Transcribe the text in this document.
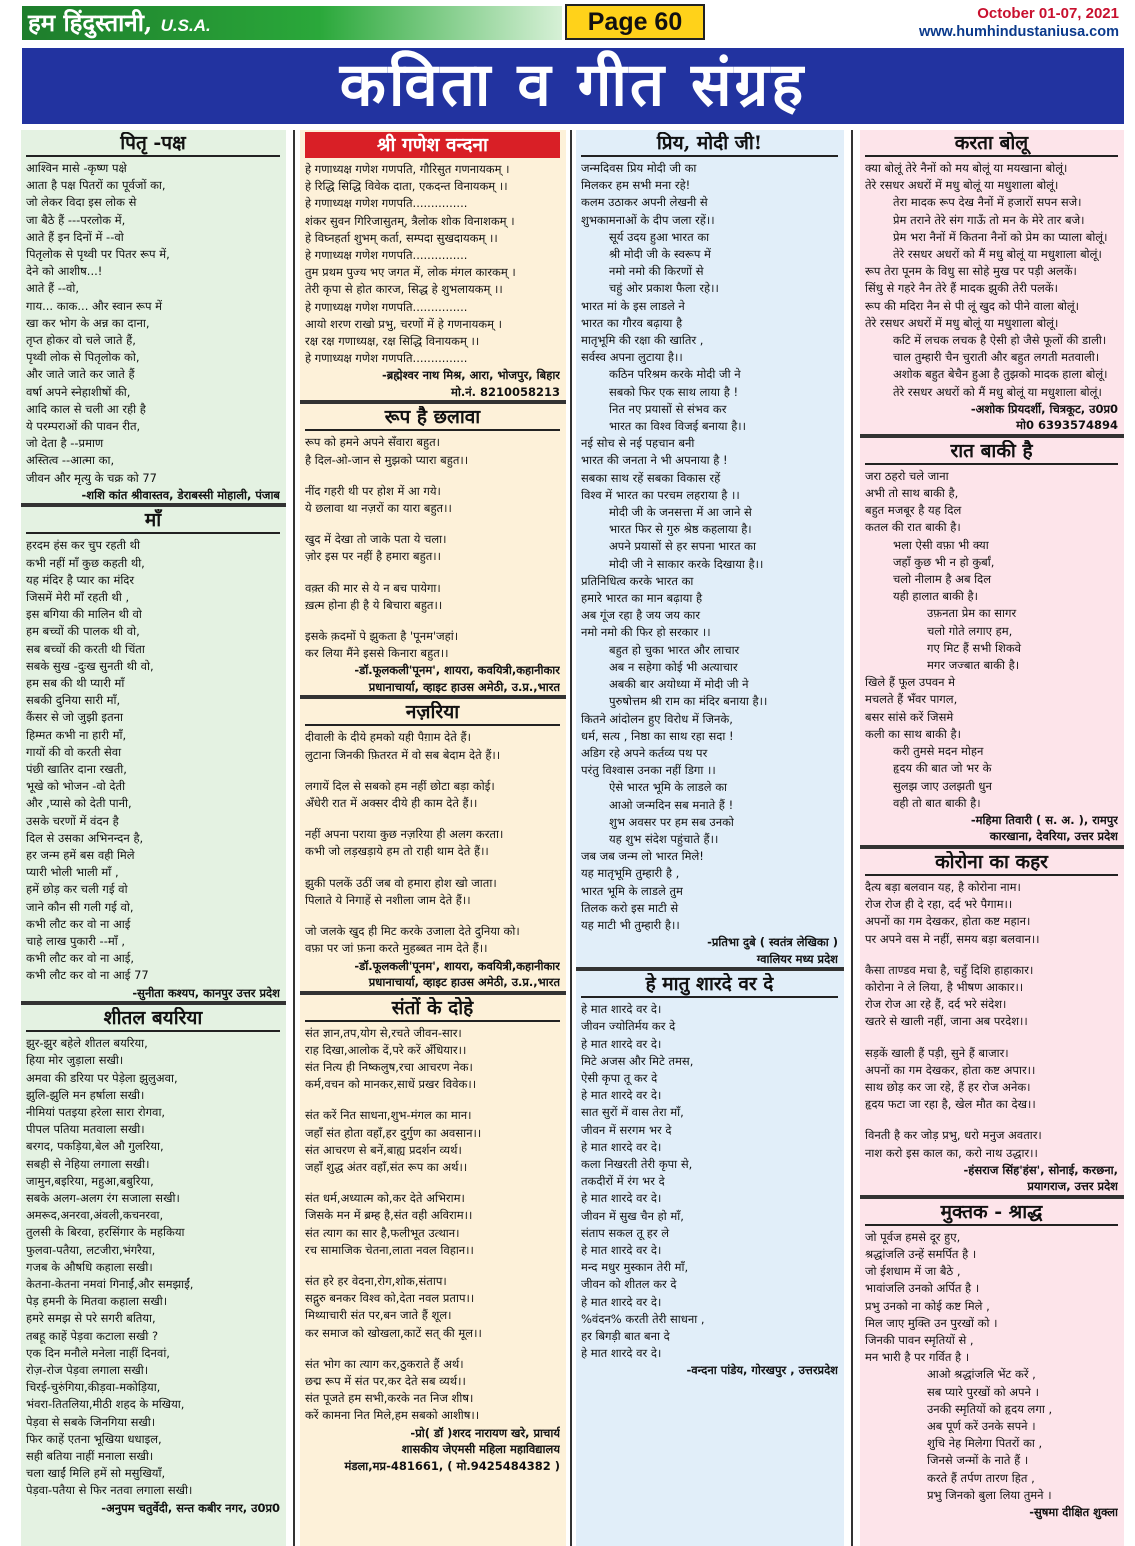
हम हिंदुस्तानी, U.S.A.	Page 60	October 01-07, 2021
www.humhindustaniusa.com
कविता व गीत संग्रह
पितृ -पक्ष
आश्विन मासे -कृष्ण पक्षे
आता है पक्ष पितरों का पूर्वजों का,
जो लेकर विदा इस लोक से
जा बैठे हैं ---परलोक में,
आते हैं इन दिनों में --वो
पितृलोक से पृथ्वी पर पितर रूप में,
देने को आशीष...!
आते हैं --वो,
गाय... काक... और स्वान रूप में
खा कर भोग के अन्न का दाना,
तृप्त होकर वो चले जाते हैं,
पृथ्वी लोक से पितृलोक को,
और जाते जाते कर जाते हैं
वर्षा अपने स्नेहाशीषों की,
आदि काल से चली आ रही है
ये परम्पराओं की पावन रीत,
जो देता है --प्रमाण
अस्तित्व --आत्मा का,
जीवन और मृत्यु के चक्र को 77
-शशि कांत श्रीवास्तव, डेराबस्सी मोहाली, पंजाब
माँ
हरदम हंस कर चुप रहती थी
कभी नहीं माँ कुछ कहती थी,
यह मंदिर है प्यार का मंदिर
जिसमें मेरी माँ रहती थी ,
इस बगिया की मालिन थी वो
हम बच्चों की पालक थी वो,
सब बच्चों की करती थी चिंता
सबके सुख -दुःख सुनती थी वो,
हम सब की थी प्यारी माँ
सबकी दुनिया सारी माँ,
कैंसर से जो जुझी इतना
हिम्मत कभी ना हारी माँ,
गायों की वो करती सेवा
पंछी खातिर दाना रखती,
भूखे को भोजन -वो देती
और ,प्यासे को देती पानी,
उसके चरणों में वंदन है
दिल से उसका अभिनन्दन है,
हर जन्म हमें बस वही मिले
प्यारी भोली भाली माँ ,
हमें छोड़ कर चली गई वो
जाने कौन सी गली गई वो,
कभी लौट कर वो ना आई
चाहे लाख पुकारी --माँ ,
कभी लौट कर वो ना आई,
कभी लौट कर वो ना आई 77
-सुनीता कश्यप, कानपुर उत्तर प्रदेश
शीतल बयरिया
झुर-झुर बहेले शीतल बयरिया,
हिया मोर जुड़ाला सखी।
अमवा की डरिया पर पेड़ेला झुलुअवा,
झुलि-झुलि मन हर्षाला सखी।
नीमियां पतइया हरेला सारा रोगवा,
पीपल पतिया मतवाला सखी।
बरगद, पकड़िया,बेल औ गुलरिया,
सबही से नेहिया लगाला सखी।
जामुन,बइरिया, महुआ,बबुरिया,
सबके अलग-अलग रंग सजाला सखी।
अमरूद,अनरवा,अंवली,कचनरवा,
तुलसी के बिरवा, हरसिंगार के महकिया
फुलवा-पतैया, लटजीरा,भंगरैया,
गजब के औषधि कहाला सखी।
केतना-केतना नमवां गिनाईं,और समझाईं,
पेड़ हमनी के मितवा कहाला सखी।
हमरे समझ से परे सगरी बतिया,
तबहू काहें पेड़वा कटाला सखी ?
एक दिन मनौले मनेला नाहीं दिनवां,
रोज़-रोज पेड़वा लगाला सखी।
चिरई-चुरुंगिया,कीड़वा-मकोड़िया,
भंवरा-तितलिया,मीठी शहद के मखिया,
पेड़वा से सबके जिनगिया सखी।
फिर काहें एतना भूखिया धधाइल,
सही बतिया नाहीं मनाला सखी।
चला खाईं मिलि हमें सो मसुखियाँ,
पेड़वा-पतैया से फिर नतवा लगाला सखी।
-अनुपम चतुर्वेदी, सन्त कबीर नगर, उ0प्र0
श्री गणेश वन्दना
हे गणाध्यक्ष गणेश गणपति, गौरिसुत गणनायकम् ।
हे रिद्धि सिद्धि विवेक दाता, एकदन्त विनायकम् ।।
हे गणाध्यक्ष गणेश गणपति...............
शंकर सुवन गिरिजासुतम्, त्रैलोक शोक विनाशकम् ।
हे विघ्नहर्ता शुभम् कर्ता, सम्पदा सुखदायकम् ।।
हे गणाध्यक्ष गणेश गणपति...............
तुम प्रथम पुज्य भए जगत में, लोक मंगल कारकम् ।
तेरी कृपा से होत कारज, सिद्ध हे शुभलायकम् ।।
हे गणाध्यक्ष गणेश गणपति...............
आयो शरण राखो प्रभु, चरणों में हे गणनायकम् ।
रक्ष रक्ष गणाध्यक्ष, रक्ष सिद्धि विनायकम् ।।
हे गणाध्यक्ष गणेश गणपति...............
-ब्रह्मेश्वर नाथ मिश्र, आरा, भोजपुर, बिहार
मो.नं. 8210058213
रूप है छलावा
रूप को हमने अपने सँवारा बहुत।
है दिल-ओ-जान से मुझको प्यारा बहुत।।
नींद गहरी थी पर होश में आ गये।
ये छलावा था नज़रों का यारा बहुत।।
खुद में देखा तो जाके पता ये चला।
ज़ोर इस पर नहीं है हमारा बहुत।।
वक़्त की मार से ये न बच पायेगा।
ख़त्म होना ही है ये बिचारा बहुत।।
इसके क़दमों पे झुकता है 'पूनम'जहां।
कर लिया मैंने इससे किनारा बहुत।।
-डॉ.फूलकली'पूनम', शायरा, कवयित्री,कहानीकार
प्रधानाचार्या, व्हाइट हाउस अमेठी, उ.प्र.,भारत
नज़रिया
दीवाली के दीये हमको यही पैग़ाम देते हैं।
लुटाना जिनकी फ़ितरत में वो सब बेदाम देते हैं।।
लगायें दिल से सबको हम नहीं छोटा बड़ा कोई।
अँधेरी रात में अक्सर दीये ही काम देते हैं।।
नहीं अपना पराया कुछ नज़रिया ही अलग करता।
कभी जो लड़खड़ाये हम तो राही थाम देते हैं।।
झुकी पलकें उठीं जब वो हमारा होश खो जाता।
पिलाते ये निगाहें से नशीला जाम देते हैं।।
जो जलके खुद ही मिट करके उजाला देते दुनिया को।
वफ़ा पर जां फ़ना करते मुहब्बत नाम देते हैं।।
-डॉ.फूलकली'पूनम', शायरा, कवयित्री,कहानीकार
प्रधानाचार्या, व्हाइट हाउस अमेठी, उ.प्र.,भारत
संतों के दोहे
संत ज्ञान,तप,योग से,रचते जीवन-सार।
राह दिखा,आलोक दें,परे करें अँधियार।।
संत नित्य ही निष्कलुष,रचा आचरण नेक।
कर्म,वचन को मानकर,साधें प्रखर विवेक।।
संत करें नित साधना,शुभ-मंगल का मान।
जहाँ संत होता वहाँ,हर दुर्गुण का अवसान।।
संत आचरण से बनें,बाह्य प्रदर्शन व्यर्थ।
जहाँ शुद्ध अंतर वहाँ,संत रूप का अर्थ।।
संत धर्म,अध्यात्म को,कर देते अभिराम।
जिसके मन में ब्रम्ह है,संत वही अविराम।।
संत त्याग का सार है,फलीभूत उत्थान।
रच सामाजिक चेतना,लाता नवल विहान।।
संत हरे हर वेदना,रोग,शोक,संताप।
सद्गुरु बनकर विश्व को,देता नवल प्रताप।।
मिथ्याचारी संत पर,बन जाते हैं शूल।
कर समाज को खोखला,काटें सत् की मूल।।
संत भोग का त्याग कर,ठुकराते हैं अर्थ।
छद्म रूप में संत पर,कर देते सब व्यर्थ।।
संत पूजते हम सभी,करके नत निज शीष।
करें कामना नित मिले,हम सबको आशीष।।
-प्रो( डॉ )शरद नारायण खरे, प्राचार्य
शासकीय जेएमसी महिला महाविद्यालय
मंडला,मप्र-481661, ( मो.9425484382 )
प्रिय, मोदी जी!
जन्मदिवस प्रिय मोदी जी का
मिलकर हम सभी मना रहे!
कलम उठाकर अपनी लेखनी से
शुभकामनाओं के दीप जला रहें।।
सूर्य उदय हुआ भारत का
श्री मोदी जी के स्वरूप में
नमो नमो की किरणों से
चहुं ओर प्रकाश फैला रहे।।
भारत मां के इस लाडले ने
भारत का गौरव बढ़ाया है
मातृभूमि की रक्षा की खातिर ,
सर्वस्व अपना लुटाया है।।
कठिन परिश्रम करके मोदी जी ने
सबको फिर एक साथ लाया है !
नित नए प्रयासों से संभव कर
भारत का विश्व विजई बनाया है।।
नई सोच से नई पहचान बनी
भारत की जनता ने भी अपनाया है !
सबका साथ रहें सबका विकास रहें
विश्व में भारत का परचम लहराया है ।।
मोदी जी के जनसत्ता में आ जाने से
भारत फिर से गुरु श्रेष्ठ कहलाया है।
अपने प्रयासों से हर सपना भारत का
मोदी जी ने साकार करके दिखाया है।।
प्रतिनिधित्व करके भारत का
हमारे भारत का मान बढ़ाया है
अब गूंज रहा है जय जय कार
नमो नमो की फिर हो सरकार ।।
बहुत हो चुका भारत और लाचार
अब न सहेगा कोई भी अत्याचार
अबकी बार अयोध्या में मोदी जी ने
पुरुषोत्तम श्री राम का मंदिर बनाया है।।
कितने आंदोलन हुए विरोध में जिनके,
धर्म, सत्य , निष्ठा का साथ रहा सदा !
अडिग रहे अपने कर्तव्य पथ पर
परंतु विश्वास उनका नहीं डिगा ।।
ऐसे भारत भूमि के लाडले का
आओ जन्मदिन सब मनाते हैं !
शुभ अवसर पर हम सब उनको
यह शुभ संदेश पहुंचाते हैं।।
जब जब जन्म लो भारत मिले!
यह मातृभूमि तुम्हारी है ,
भारत भूमि के लाडले तुम
तिलक करो इस माटी से
यह माटी भी तुम्हारी है।।
-प्रतिभा दुबे ( स्वतंत्र लेखिका )
ग्वालियर मध्य प्रदेश
हे मातु शारदे वर दे
हे मात शारदे वर दे।
जीवन ज्योतिर्मय कर दे
हे मात शारदे वर दे।
मिटे अजस और मिटे तमस,
ऐसी कृपा तू कर दे
हे मात शारदे वर दे।
सात सुरों में वास तेरा माँ,
जीवन में सरगम भर दे
हे मात शारदे वर दे।
कला निखरती तेरी कृपा से,
तकदीरों में रंग भर दे
हे मात शारदे वर दे।
जीवन में सुख चैन हो माँ,
संताप सकल तू हर ले
हे मात शारदे वर दे।
मन्द मधुर मुस्कान तेरी माँ,
जीवन को शीतल कर दे
हे मात शारदे वर दे।
%वंदन% करती तेरी साधना ,
हर बिगड़ी बात बना दे
हे मात शारदे वर दे।
-वन्दना पांडेय, गोरखपुर , उत्तरप्रदेश
करता बोलू
क्या बोलूं तेरे नैनों को मय बोलूं या मयखाना बोलूं।
तेरे रसधर अधरों में मधु बोलूं या मधुशाला बोलूं।
तेरा मादक रूप देख नैनों में हजारों सपन सजे।
प्रेम तराने तेरे संग गाऊँ तो मन के मेरे तार बजे।
प्रेम भरा नैनों में कितना नैनों को प्रेम का प्याला बोलूं।
तेरे रसधर अधरों को मैं मधु बोलूं या मधुशाला बोलूं।
रूप तेरा पूनम के विधु सा सोहे मुख पर पड़ी अलकें।
सिंधु से गहरे नैन तेरे हैं मादक झुकी तेरी पलकें।
रूप की मदिरा नैन से पी लूं खुद को पीने वाला बोलूं।
तेरे रसधर अधरों में मधु बोलूं या मधुशाला बोलूं।
कटि में लचक लचक है ऐसी हो जैसे फूलों की डाली।
चाल तुम्हारी चैन चुराती और बहुत लगती मतवाली।
अशोक बहुत बेचैन हुआ है तुझको मादक हाला बोलूं।
तेरे रसधर अधरों को मैं मधु बोलूं या मधुशाला बोलूं।
-अशोक प्रियदर्शी, चित्रकूट, उ0प्र0
मो0 6393574894
रात बाकी है
जरा ठहरो चले जाना
अभी तो साथ बाकी है,
बहुत मजबूर है यह दिल
कतल की रात बाकी है।
भला ऐसी वफ़ा भी क्या
जहाँ कुछ भी न हो कुर्बां,
चलो नीलाम है अब दिल
यही हालात बाकी है।
उफ़नता प्रेम का सागर
चलो गोते लगाए हम,
गए मिट हैं सभी शिकवे
मगर जज्बात बाकी है।
खिले हैं फूल उपवन मे
मचलते हैं भँवर पागल,
बसर सांसे करें जिसमे
कली का साथ बाकी है।
करी तुमसे मदन मोहन
हृदय की बात जो भर के
सुलझ जाए उलझती धुन
वही तो बात बाकी है।
-महिमा तिवारी ( स. अ. ), रामपुर
कारखाना, देवरिया, उत्तर प्रदेश
कोरोना का कहर
दैत्य बड़ा बलवान यह, है कोरोना नाम।
रोज रोज ही दे रहा, दर्द भरे पैगाम।।
अपनों का गम देखकर, होता कष्ट महान।
पर अपने वस मे नहीं, समय बड़ा बलवान।।
कैसा ताण्डव मचा है, चहुँ दिशि हाहाकार।
कोरोना ने ले लिया, है भीषण आकार।।
रोज रोज आ रहे हैं, दर्द भरे संदेश।
खतरे से खाली नहीं, जाना अब परदेश।।
सड़कें खाली हैं पड़ी, सुने हैं बाजार।
अपनों का गम देखकर, होता कष्ट अपार।।
साथ छोड़ कर जा रहे, हैं हर रोज अनेक।
हृदय फटा जा रहा है, खेल मौत का देख।।
विनती है कर जोड़ प्रभु, धरो मनुज अवतार।
नाश करो इस काल का, करो नाथ उद्धार।।
-हंसराज सिंह'हंस', सोनाई, करछना,
प्रयागराज, उत्तर प्रदेश
मुक्तक - श्राद्ध
जो पूर्वज हमसे दूर हुए,
श्रद्धांजलि उन्हें समर्पित है ।
जो ईशधाम में जा बैठे ,
भावांजलि उनको अर्पित है ।
प्रभु उनको ना कोई कष्ट मिले ,
मिल जाए मुक्ति उन पुरखों को ।
जिनकी पावन स्मृतियों से ,
मन भारी है पर गर्वित है ।
आओ श्रद्धांजलि भेंट करें ,
सब प्यारे पुरखों को अपने ।
उनकी स्मृतियों को हृदय लगा ,
अब पूर्ण करें उनके सपने ।
शुचि नेह मिलेगा पितरों का ,
जिनसे जन्मों के नाते हैं ।
करते हैं तर्पण तारण हित ,
प्रभु जिनको बुला लिया तुमने ।
-सुषमा दीक्षित शुक्ला
